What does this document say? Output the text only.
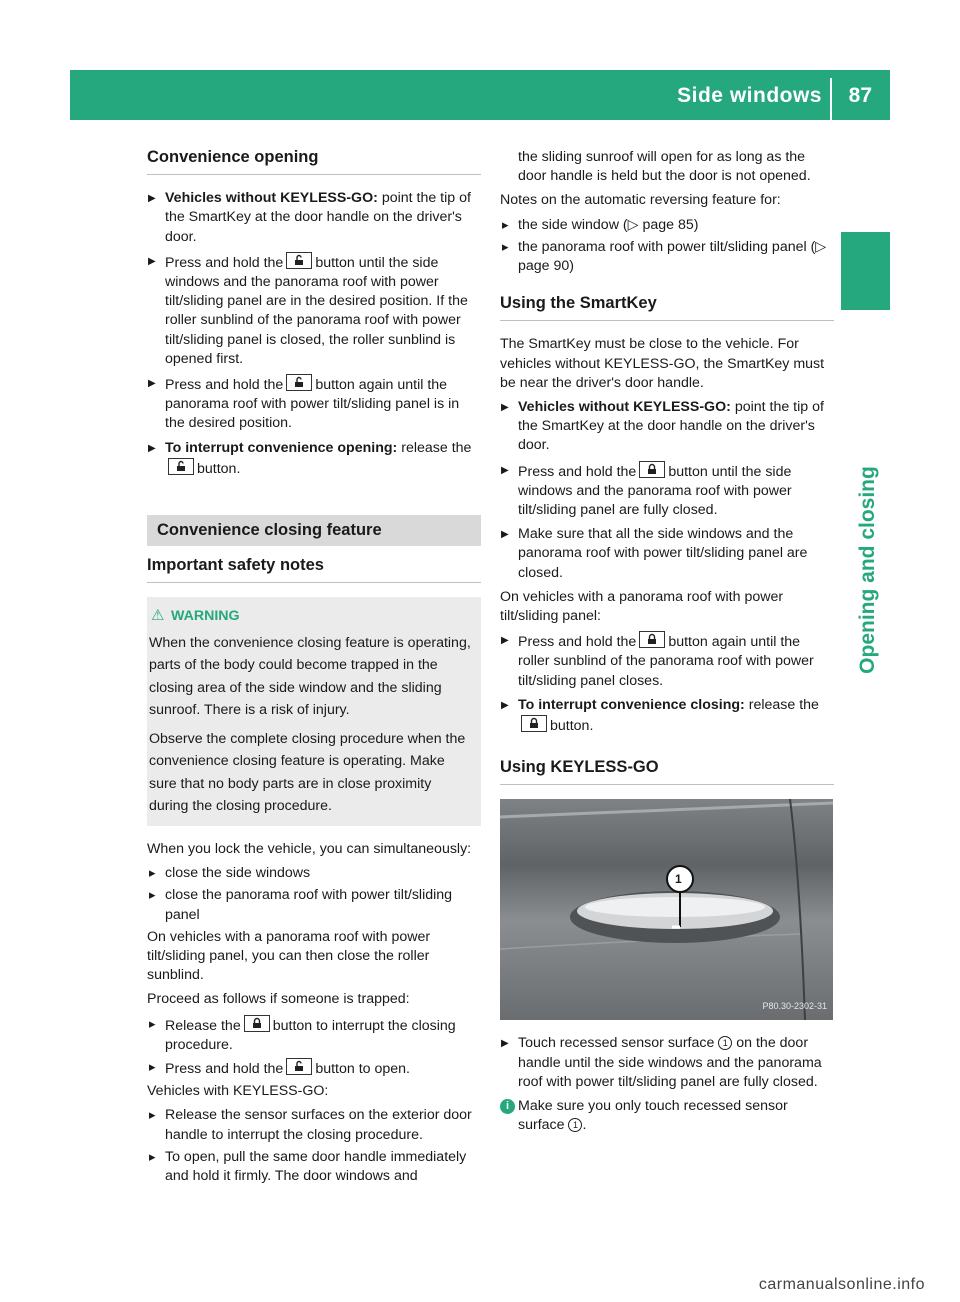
Side windows 87
Opening and closing
Convenience opening
▶ Vehicles without KEYLESS-GO: point the tip of the SmartKey at the door handle on the driver's door.
▶ Press and hold the button until the side windows and the panorama roof with power tilt/sliding panel are in the desired position. If the roller sunblind of the panorama roof with power tilt/sliding panel is closed, the roller sunblind is opened first.
▶ Press and hold the button again until the panorama roof with power tilt/sliding panel is in the desired position.
▶ To interrupt convenience opening: release the
button.
Convenience closing feature
Important safety notes
⚠ WARNING

When the convenience closing feature is operating, parts of the body could become trapped in the closing area of the side window and the sliding sunroof. There is a risk of injury.

Observe the complete closing procedure when the convenience closing feature is operating. Make sure that no body parts are in close proximity during the closing procedure.

When you lock the vehicle, you can simultaneously:

▸ close the side windows
▸ close the panorama roof with power tilt/sliding panel

On vehicles with a panorama roof with power tilt/sliding panel, you can then close the roller sunblind.

Proceed as follows if someone is trapped:

▸ Release the button to interrupt the closing procedure.
▸ Press and hold the button to open.

Vehicles with KEYLESS-GO:

▸ Release the sensor surfaces on the exterior door handle to interrupt the closing procedure.
▸ To open, pull the same door handle immediately and hold it firmly. The door windows and
the sliding sunroof will open for as long as the door handle is held but the door is not opened.

Notes on the automatic reversing feature for:

▸ the side window (▷ page 85)
▸ the panorama roof with power tilt/sliding panel (▷ page 90)
Using the SmartKey

The SmartKey must be close to the vehicle. For vehicles without KEYLESS-GO, the SmartKey must be near the driver's door handle.

▶ Vehicles without KEYLESS-GO: point the tip of the SmartKey at the door handle on the driver's door.
▶ Press and hold the button until the side windows and the panorama roof with power tilt/sliding panel are fully closed.
▶ Make sure that all the side windows and the panorama roof with power tilt/sliding panel are closed.

On vehicles with a panorama roof with power tilt/sliding panel:

▶ Press and hold the button again until the roller sunblind of the panorama roof with power tilt/sliding panel closes.
▶ To interrupt convenience closing: release the
button.
Using KEYLESS-GO
1
P80.30-2302-31
▶ Touch recessed sensor surface 1 on the door handle until the side windows and the panorama roof with power tilt/sliding panel are fully closed.
i Make sure you only touch recessed sensor surface 1 .
carmanualsonline.info
